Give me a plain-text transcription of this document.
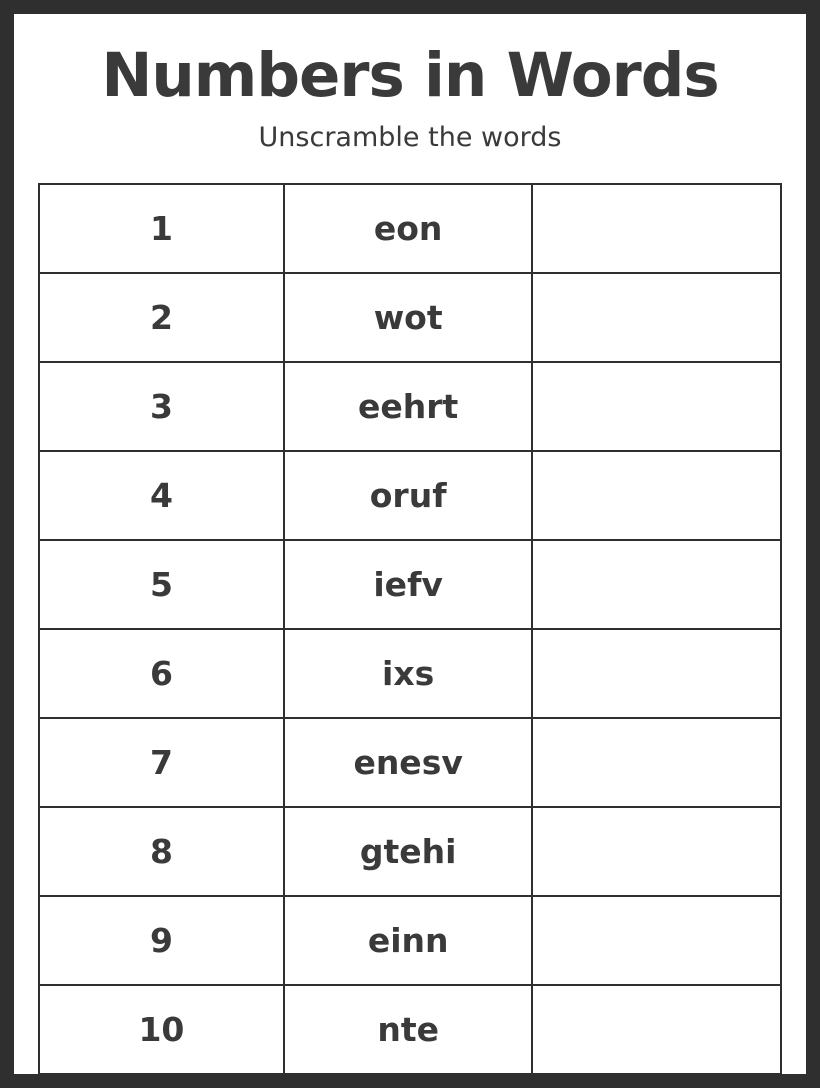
Numbers in Words

Unscramble the words

1	eon	
2	wot	
3	eehrt	
4	oruf	
5	iefv	
6	ixs	
7	enesv	
8	gtehi	
9	einn	
10	nte	
